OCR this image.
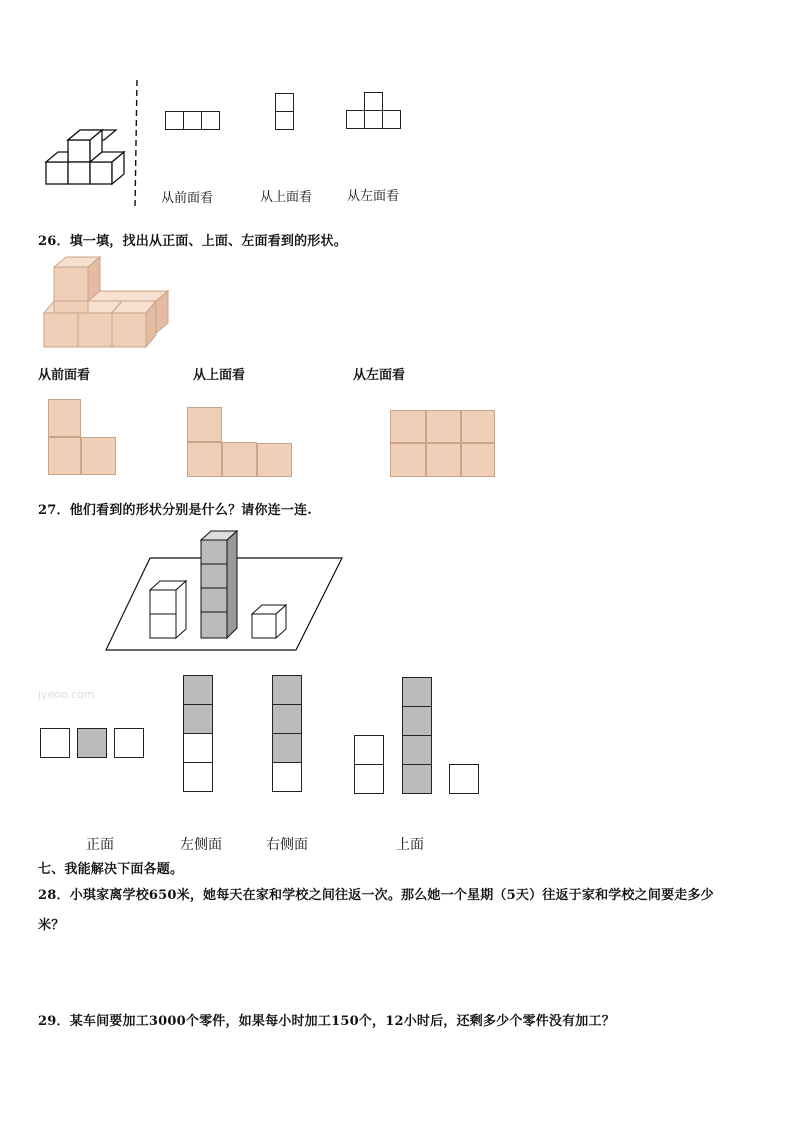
从前面看	从上面看	从左面看
26．填一填，找出从正面、上面、左面看到的形状。
从前面看	从上面看	从左面看
27．他们看到的形状分别是什么？请你连一连.
jyeoo.com
正面	左侧面	右侧面	上面
七、我能解决下面各题。
28．小琪家离学校650米，她每天在家和学校之间往返一次。那么她一个星期（5天）往返于家和学校之间要走多少
米？
29．某车间要加工3000个零件，如果每小时加工150个，12小时后，还剩多少个零件没有加工？
